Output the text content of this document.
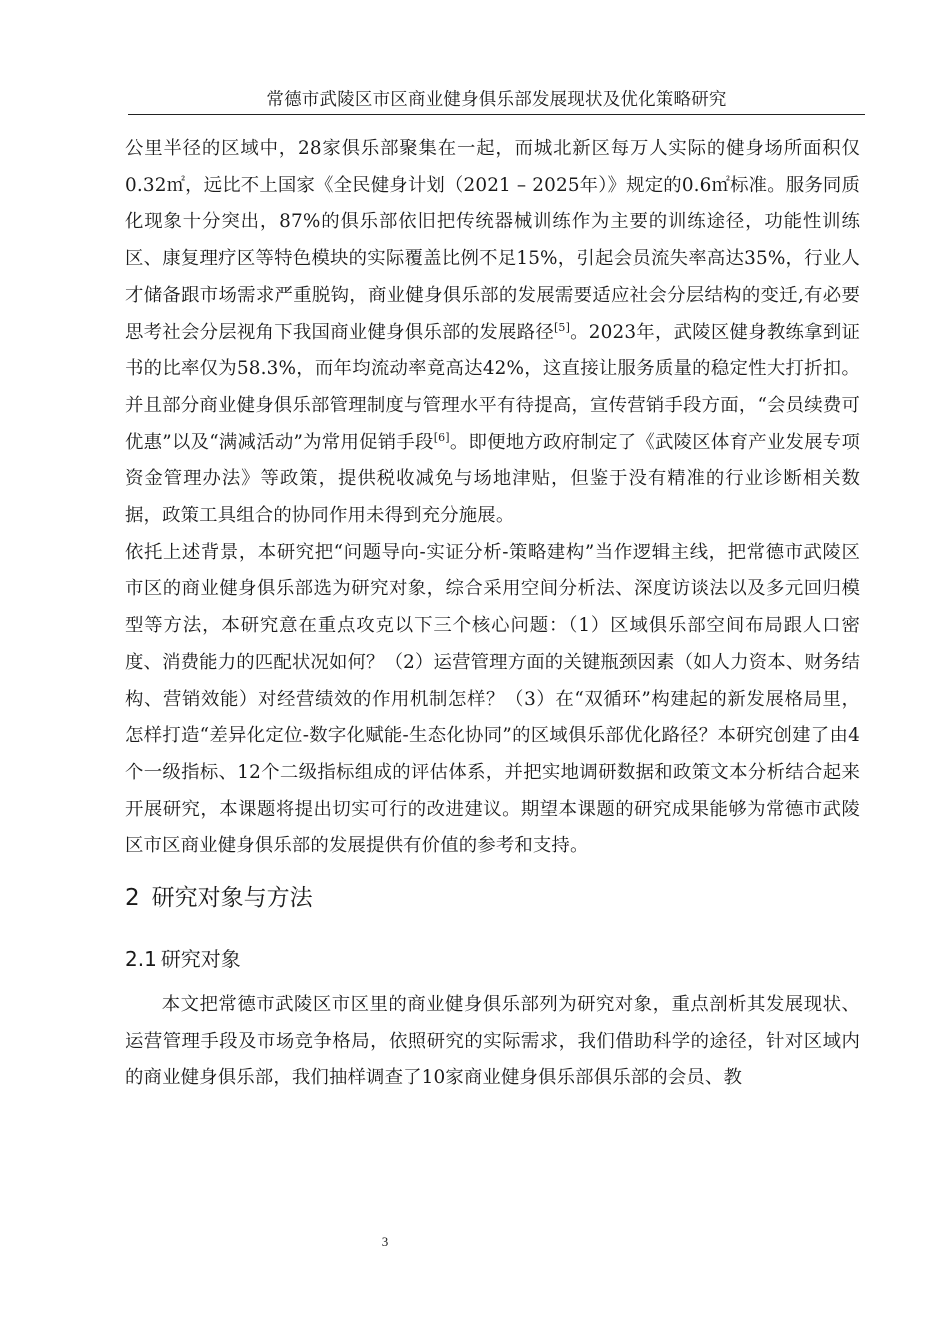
常德市武陵区市区商业健身俱乐部发展现状及优化策略研究

公里半径的区域中，28家俱乐部聚集在一起，而城北新区每万人实际的健身场所面积仅0.32㎡，远比不上国家《全民健身计划（2021 – 2025年）》规定的0.6㎡标准。服务同质化现象十分突出，87%的俱乐部依旧把传统器械训练作为主要的训练途径，功能性训练区、康复理疗区等特色模块的实际覆盖比例不足15%，引起会员流失率高达35%，行业人才储备跟市场需求严重脱钩，商业健身俱乐部的发展需要适应社会分层结构的变迁,有必要思考社会分层视角下我国商业健身俱乐部的发展路径[5]。2023年，武陵区健身教练拿到证书的比率仅为58.3%，而年均流动率竟高达42%，这直接让服务质量的稳定性大打折扣。并且部分商业健身俱乐部管理制度与管理水平有待提高，宣传营销手段方面，“会员续费可优惠”以及“满减活动”为常用促销手段[6]。即便地方政府制定了《武陵区体育产业发展专项资金管理办法》等政策，提供税收减免与场地津贴，但鉴于没有精准的行业诊断相关数据，政策工具组合的协同作用未得到充分施展。

依托上述背景，本研究把“问题导向-实证分析-策略建构”当作逻辑主线，把常德市武陵区市区的商业健身俱乐部选为研究对象，综合采用空间分析法、深度访谈法以及多元回归模型等方法，本研究意在重点攻克以下三个核心问题：（1）区域俱乐部空间布局跟人口密度、消费能力的匹配状况如何？（2）运营管理方面的关键瓶颈因素（如人力资本、财务结构、营销效能）对经营绩效的作用机制怎样？（3）在“双循环”构建起的新发展格局里，怎样打造“差异化定位-数字化赋能-生态化协同”的区域俱乐部优化路径？本研究创建了由4个一级指标、12个二级指标组成的评估体系，并把实地调研数据和政策文本分析结合起来开展研究，本课题将提出切实可行的改进建议。期望本课题的研究成果能够为常德市武陵区市区商业健身俱乐部的发展提供有价值的参考和支持。

2 研究对象与方法
2.1 研究对象

本文把常德市武陵区市区里的商业健身俱乐部列为研究对象，重点剖析其发展现状、运营管理手段及市场竞争格局，依照研究的实际需求，我们借助科学的途径，针对区域内的商业健身俱乐部，我们抽样调查了10家商业健身俱乐部俱乐部的会员、教

3
